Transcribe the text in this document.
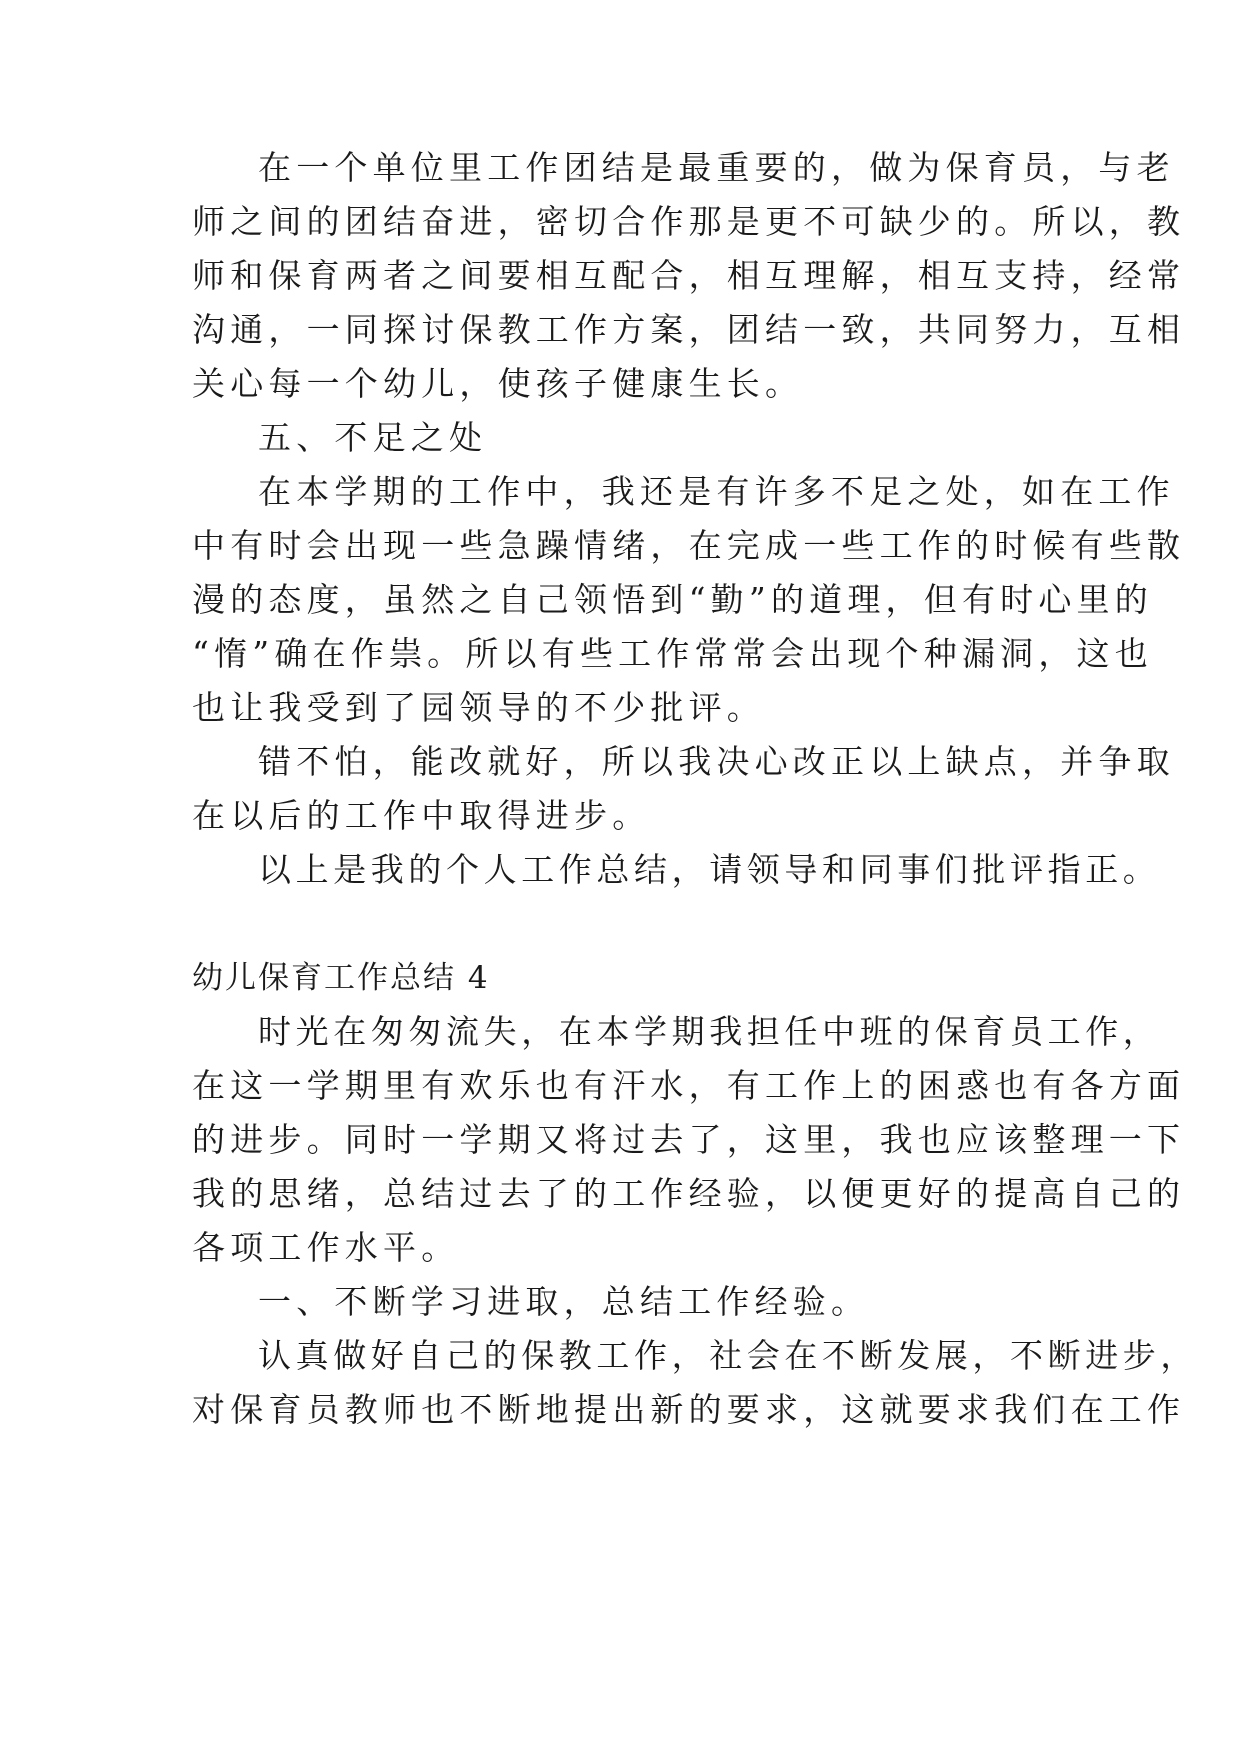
在一个单位里工作团结是最重要的，做为保育员，与老
师之间的团结奋进，密切合作那是更不可缺少的。所以，教
师和保育两者之间要相互配合，相互理解，相互支持，经常
沟通，一同探讨保教工作方案，团结一致，共同努力，互相
关心每一个幼儿，使孩子健康生长。
五、不足之处
在本学期的工作中，我还是有许多不足之处，如在工作
中有时会出现一些急躁情绪，在完成一些工作的时候有些散
漫的态度，虽然之自己领悟到“勤”的道理，但有时心里的
“惰”确在作祟。所以有些工作常常会出现个种漏洞，这也
也让我受到了园领导的不少批评。
错不怕，能改就好，所以我决心改正以上缺点，并争取
在以后的工作中取得进步。
以上是我的个人工作总结，请领导和同事们批评指正。
幼儿保育工作总结 4
时光在匆匆流失，在本学期我担任中班的保育员工作，
在这一学期里有欢乐也有汗水，有工作上的困惑也有各方面
的进步。同时一学期又将过去了，这里，我也应该整理一下
我的思绪，总结过去了的工作经验，以便更好的提高自己的
各项工作水平。
一、不断学习进取，总结工作经验。
认真做好自己的保教工作，社会在不断发展，不断进步，
对保育员教师也不断地提出新的要求，这就要求我们在工作
